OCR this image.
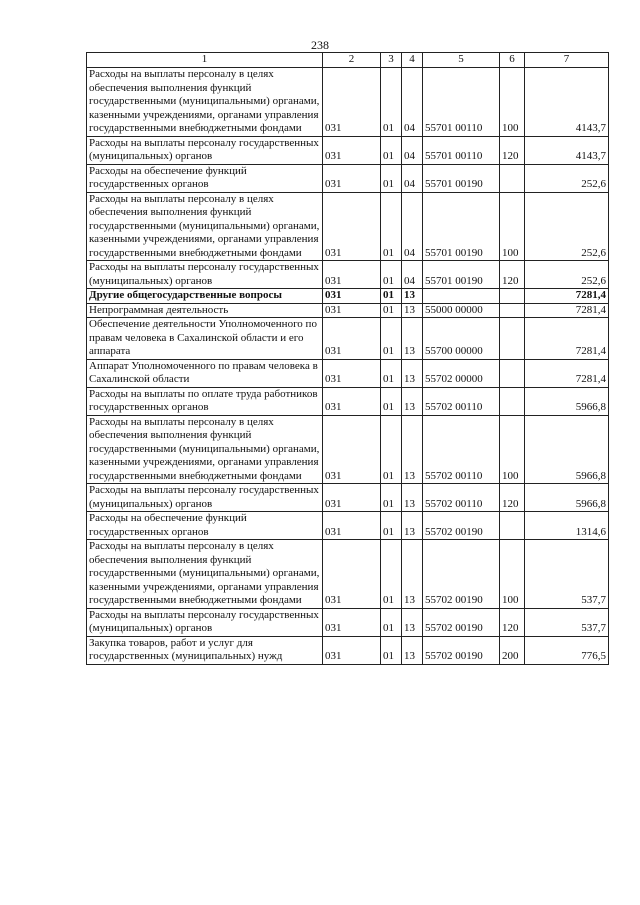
238
1	2	3	4	5	6	7
Расходы на выплаты персоналу в целях обеспечения выполнения функций государственными (муниципальными) органами, казенными учреждениями, органами управления государственными внебюджетными фондами	031	01	04	55701 00110	100	4143,7
Расходы на выплаты персоналу государственных (муниципальных) органов	031	01	04	55701 00110	120	4143,7
Расходы на обеспечение функций государственных органов	031	01	04	55701 00190		252,6
Расходы на выплаты персоналу в целях обеспечения выполнения функций государственными (муниципальными) органами, казенными учреждениями, органами управления государственными внебюджетными фондами	031	01	04	55701 00190	100	252,6
Расходы на выплаты персоналу государственных (муниципальных) органов	031	01	04	55701 00190	120	252,6
Другие общегосударственные вопросы	031	01	13			7281,4
Непрограммная деятельность	031	01	13	55000 00000		7281,4
Обеспечение деятельности Уполномоченного по правам человека в Сахалинской области и его аппарата	031	01	13	55700 00000		7281,4
Аппарат Уполномоченного по правам человека в Сахалинской области	031	01	13	55702 00000		7281,4
Расходы на выплаты по оплате труда работников государственных органов	031	01	13	55702 00110		5966,8
Расходы на выплаты персоналу в целях обеспечения выполнения функций государственными (муниципальными) органами, казенными учреждениями, органами управления государственными внебюджетными фондами	031	01	13	55702 00110	100	5966,8
Расходы на выплаты персоналу государственных (муниципальных) органов	031	01	13	55702 00110	120	5966,8
Расходы на обеспечение функций государственных органов	031	01	13	55702 00190		1314,6
Расходы на выплаты персоналу в целях обеспечения выполнения функций государственными (муниципальными) органами, казенными учреждениями, органами управления государственными внебюджетными фондами	031	01	13	55702 00190	100	537,7
Расходы на выплаты персоналу государственных (муниципальных) органов	031	01	13	55702 00190	120	537,7
Закупка товаров, работ и услуг для государственных (муниципальных) нужд	031	01	13	55702 00190	200	776,5
